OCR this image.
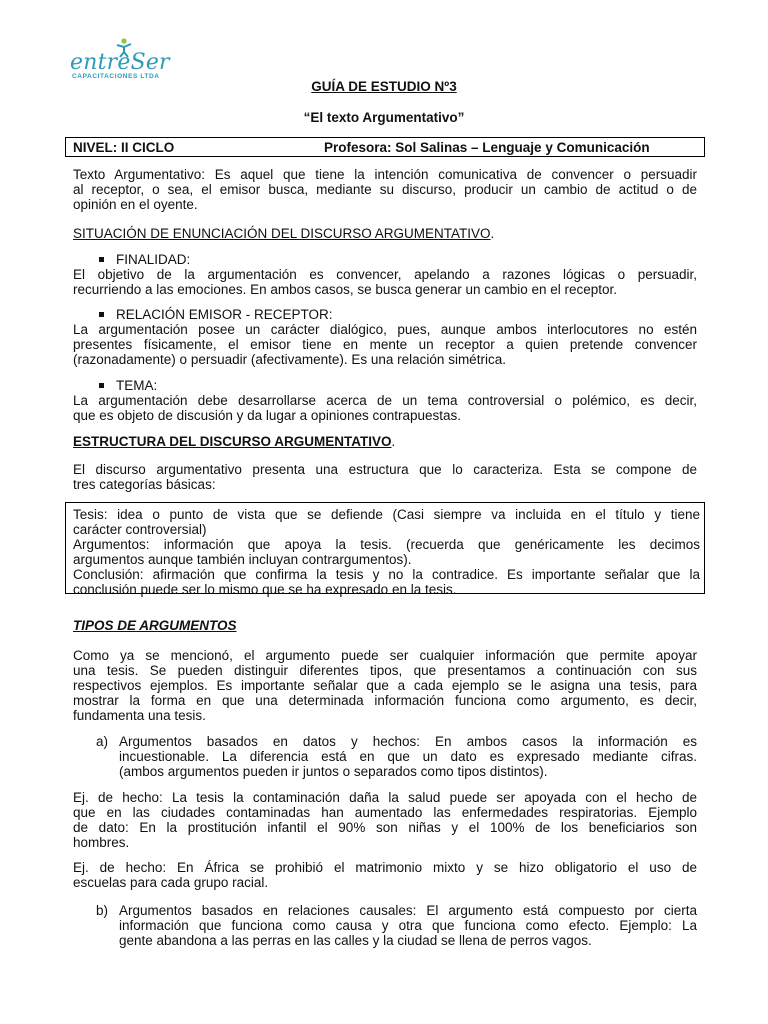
entreSer
CAPACITACIONES LTDA
GUÍA DE ESTUDIO Nº3
“El texto Argumentativo”
NIVEL: II CICLO	Profesora: Sol Salinas – Lenguaje y Comunicación
Texto Argumentativo: Es aquel que tiene la intención comunicativa de convencer o persuadir
al receptor, o sea, el emisor busca, mediante su discurso, producir un cambio de actitud o de
opinión en el oyente.
SITUACIÓN DE ENUNCIACIÓN DEL DISCURSO ARGUMENTATIVO.
FINALIDAD:
El objetivo de la argumentación es convencer, apelando a razones lógicas o persuadir,
recurriendo a las emociones. En ambos casos, se busca generar un cambio en el receptor.
RELACIÓN EMISOR - RECEPTOR:
La argumentación posee un carácter dialógico, pues, aunque ambos interlocutores no estén
presentes físicamente, el emisor tiene en mente un receptor a quien pretende convencer
(razonadamente) o persuadir (afectivamente). Es una relación simétrica.
TEMA:
La argumentación debe desarrollarse acerca de un tema controversial o polémico, es decir,
que es objeto de discusión y da lugar a opiniones contrapuestas.
ESTRUCTURA DEL DISCURSO ARGUMENTATIVO.
El discurso argumentativo presenta una estructura que lo caracteriza. Esta se compone de
tres categorías básicas:
Tesis: idea o punto de vista que se defiende (Casi siempre va incluida en el título y tiene
carácter controversial)
Argumentos: información que apoya la tesis. (recuerda que genéricamente les decimos
argumentos aunque también incluyan contrargumentos).
Conclusión: afirmación que confirma la tesis y no la contradice. Es importante señalar que la
conclusión puede ser lo mismo que se ha expresado en la tesis.
TIPOS DE ARGUMENTOS
Como ya se mencionó, el argumento puede ser cualquier información que permite apoyar
una tesis. Se pueden distinguir diferentes tipos, que presentamos a continuación con sus
respectivos ejemplos. Es importante señalar que a cada ejemplo se le asigna una tesis, para
mostrar la forma en que una determinada información funciona como argumento, es decir,
fundamenta una tesis.
a) Argumentos basados en datos y hechos: En ambos casos la información es
incuestionable. La diferencia está en que un dato es expresado mediante cifras.
(ambos argumentos pueden ir juntos o separados como tipos distintos).
Ej. de hecho: La tesis la contaminación daña la salud puede ser apoyada con el hecho de
que en las ciudades contaminadas han aumentado las enfermedades respiratorias. Ejemplo
de dato: En la prostitución infantil el 90% son niñas y el 100% de los beneficiarios son
hombres.
Ej. de hecho: En África se prohibió el matrimonio mixto y se hizo obligatorio el uso de
escuelas para cada grupo racial.
b) Argumentos basados en relaciones causales: El argumento está compuesto por cierta
información que funciona como causa y otra que funciona como efecto. Ejemplo: La
gente abandona a las perras en las calles y la ciudad se llena de perros vagos.
